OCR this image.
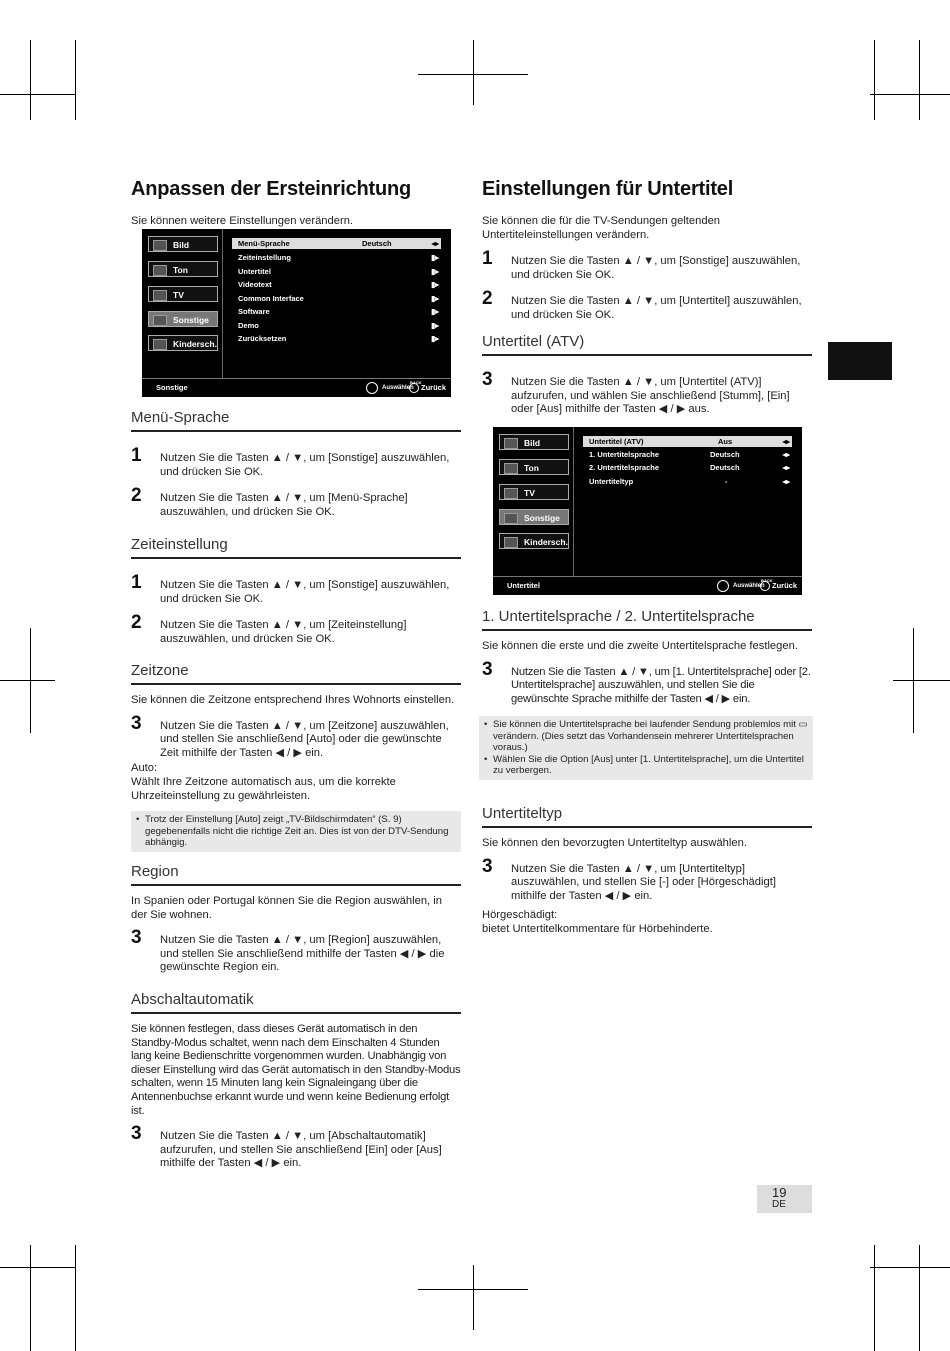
Anpassen der Ersteinrichtung

Sie können weitere Einstellungen verändern.

Bild
Ton
TV
Sonstige
Kindersch.
Menü-Sprache	Deutsch	◂▸
Zeiteinstellung	▮▸
Untertitel	▮▸
Videotext	▮▸
Common Interface	▮▸
Software	▮▸
Demo	▮▸
Zurücksetzen	▮▸
Sonstige	Auswählen
BACK
Zurück
Menü-Sprache
1 Nutzen Sie die Tasten ▲ / ▼, um [Sonstige] auszuwählen, und drücken Sie OK.
2 Nutzen Sie die Tasten ▲ / ▼, um [Menü-Sprache] auszuwählen, und drücken Sie OK.
Zeiteinstellung
1 Nutzen Sie die Tasten ▲ / ▼, um [Sonstige] auszuwählen, und drücken Sie OK.
2 Nutzen Sie die Tasten ▲ / ▼, um [Zeiteinstellung] auszuwählen, und drücken Sie OK.
Zeitzone

Sie können die Zeitzone entsprechend Ihres Wohnorts einstellen.

3 Nutzen Sie die Tasten ▲ / ▼, um [Zeitzone] auszuwählen, und stellen Sie anschließend [Auto] oder die gewünschte Zeit mithilfe der Tasten ◀ / ▶ ein.
Auto:
Wählt Ihre Zeitzone automatisch aus, um die korrekte Uhrzeiteinstellung zu gewährleisten.
• Trotz der Einstellung [Auto] zeigt „TV-Bildschirmdaten“ (S. 9) gegebenenfalls nicht die richtige Zeit an. Dies ist von der DTV-Sendung abhängig.
Region

In Spanien oder Portugal können Sie die Region auswählen, in der Sie wohnen.

3 Nutzen Sie die Tasten ▲ / ▼, um [Region] auszuwählen, und stellen Sie anschließend mithilfe der Tasten ◀ / ▶ die gewünschte Region ein.
Abschaltautomatik

Sie können festlegen, dass dieses Gerät automatisch in den Standby-Modus schaltet, wenn nach dem Einschalten 4 Stunden lang keine Bedienschritte vorgenommen wurden. Unabhängig von dieser Einstellung wird das Gerät automatisch in den Standby-Modus schalten, wenn 15 Minuten lang kein Signaleingang über die Antennenbuchse erkannt wurde und wenn keine Bedienung erfolgt ist.

3 Nutzen Sie die Tasten ▲ / ▼, um [Abschaltautomatik] aufzurufen, und stellen Sie anschließend [Ein] oder [Aus] mithilfe der Tasten ◀ / ▶ ein.
Einstellungen für Untertitel

Sie können die für die TV-Sendungen geltenden Untertiteleinstellungen verändern.

1 Nutzen Sie die Tasten ▲ / ▼, um [Sonstige] auszuwählen, und drücken Sie OK.
2 Nutzen Sie die Tasten ▲ / ▼, um [Untertitel] auszuwählen, und drücken Sie OK.
Untertitel (ATV)
3 Nutzen Sie die Tasten ▲ / ▼, um [Untertitel (ATV)] aufzurufen, und wählen Sie anschließend [Stumm], [Ein] oder [Aus] mithilfe der Tasten ◀ / ▶ aus.
Bild
Ton
TV
Sonstige
Kindersch.
Untertitel (ATV)	Aus	◂▸
1. Untertitelsprache	Deutsch	◂▸
2. Untertitelsprache	Deutsch	◂▸
Untertiteltyp	-	◂▸
Untertitel	Auswählen
BACK
Zurück
1. Untertitelsprache / 2. Untertitelsprache

Sie können die erste und die zweite Untertitelsprache festlegen.

3 Nutzen Sie die Tasten ▲ / ▼, um [1. Untertitelsprache] oder [2. Untertitelsprache] auszuwählen, und stellen Sie die gewünschte Sprache mithilfe der Tasten ◀ / ▶ ein.
• Sie können die Untertitelsprache bei laufender Sendung problemlos mit ▭ verändern. (Dies setzt das Vorhandensein mehrerer Untertitelsprachen voraus.)
• Wählen Sie die Option [Aus] unter [1. Untertitelsprache], um die Untertitel zu verbergen.
Untertiteltyp

Sie können den bevorzugten Untertiteltyp auswählen.

3 Nutzen Sie die Tasten ▲ / ▼, um [Untertiteltyp] auszuwählen, und stellen Sie [-] oder [Hörgeschädigt] mithilfe der Tasten ◀ / ▶ ein.
Hörgeschädigt:
bietet Untertitelkommentare für Hörbehinderte.
19
DE
